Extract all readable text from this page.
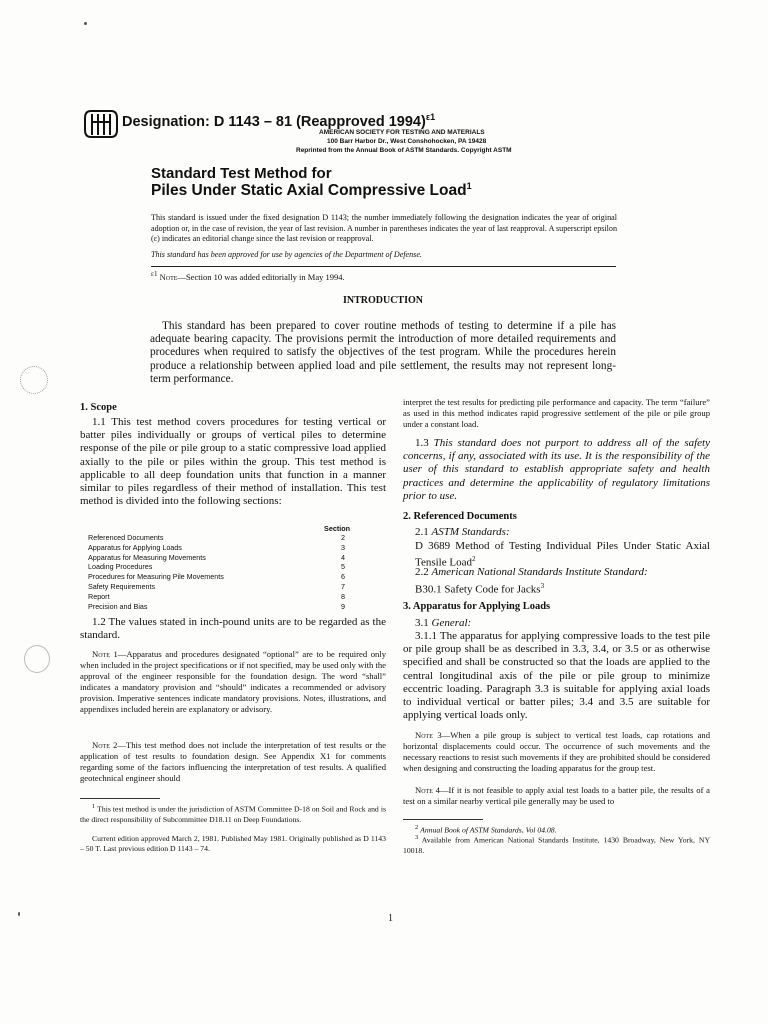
Designation: D 1143 – 81 (Reapproved 1994)$^{\varepsilon 1}$
AMERICAN SOCIETY FOR TESTING AND MATERIALS
100 Barr Harbor Dr., West Conshohocken, PA 19428
Reprinted from the Annual Book of ASTM Standards. Copyright ASTM
Standard Test Method for
Piles Under Static Axial Compressive Load$^1$
This standard is issued under the fixed designation D 1143; the number immediately following the designation indicates the year of original adoption or, in the case of revision, the year of last revision. A number in parentheses indicates the year of last reapproval. A superscript epsilon (ε) indicates an editorial change since the last revision or reapproval.
This standard has been approved for use by agencies of the Department of Defense.
$^{\varepsilon 1}$ Note—Section 10 was added editorially in May 1994.
INTRODUCTION
This standard has been prepared to cover routine methods of testing to determine if a pile has adequate bearing capacity. The provisions permit the introduction of more detailed requirements and procedures when required to satisfy the objectives of the test program. While the procedures herein produce a relationship between applied load and pile settlement, the results may not represent long-term performance.
1. Scope
1.1 This test method covers procedures for testing vertical or batter piles individually or groups of vertical piles to determine response of the pile or pile group to a static compressive load applied axially to the pile or piles within the group. This test method is applicable to all deep foundation units that function in a manner similar to piles regardless of their method of installation. This test method is divided into the following sections:
Section
Referenced Documents	2
Apparatus for Applying Loads	3
Apparatus for Measuring Movements	4
Loading Procedures	5
Procedures for Measuring Pile Movements	6
Safety Requirements	7
Report	8
Precision and Bias	9
1.2 The values stated in inch-pound units are to be regarded as the standard.
Note 1—Apparatus and procedures designated “optional” are to be required only when included in the project specifications or if not specified, may be used only with the approval of the engineer responsible for the foundation design. The word “shall” indicates a mandatory provision and “should” indicates a recommended or advisory provision. Imperative sentences indicate mandatory provisions. Notes, illustrations, and appendixes included herein are explanatory or advisory.
Note 2—This test method does not include the interpretation of test results or the application of test results to foundation design. See Appendix X1 for comments regarding some of the factors influencing the interpretation of test results. A qualified geotechnical engineer should
$^1$ This test method is under the jurisdiction of ASTM Committee D-18 on Soil and Rock and is the direct responsibility of Subcommittee D18.11 on Deep Foundations.
Current edition approved March 2, 1981. Published May 1981. Originally published as D 1143 – 50 T. Last previous edition D 1143 – 74.
interpret the test results for predicting pile performance and capacity. The term “failure” as used in this method indicates rapid progressive settlement of the pile or pile group under a constant load.
1.3 This standard does not purport to address all of the safety concerns, if any, associated with its use. It is the responsibility of the user of this standard to establish appropriate safety and health practices and determine the applicability of regulatory limitations prior to use.
2. Referenced Documents
2.1 ASTM Standards:
D 3689 Method of Testing Individual Piles Under Static Axial Tensile Load$^2$
2.2 American National Standards Institute Standard:
B30.1 Safety Code for Jacks$^3$
3. Apparatus for Applying Loads
3.1 General:
3.1.1 The apparatus for applying compressive loads to the test pile or pile group shall be as described in 3.3, 3.4, or 3.5 or as otherwise specified and shall be constructed so that the loads are applied to the central longitudinal axis of the pile or pile group to minimize eccentric loading. Paragraph 3.3 is suitable for applying axial loads to individual vertical or batter piles; 3.4 and 3.5 are suitable for applying vertical loads only.
Note 3—When a pile group is subject to vertical test loads, cap rotations and horizontal displacements could occur. The occurrence of such movements and the necessary reactions to resist such movements if they are prohibited should be considered when designing and constructing the loading apparatus for the group test.
Note 4—If it is not feasible to apply axial test loads to a batter pile, the results of a test on a similar nearby vertical pile generally may be used to
$^2$ Annual Book of ASTM Standards, Vol 04.08.
$^3$ Available from American National Standards Institute, 1430 Broadway, New York, NY 10018.
1
